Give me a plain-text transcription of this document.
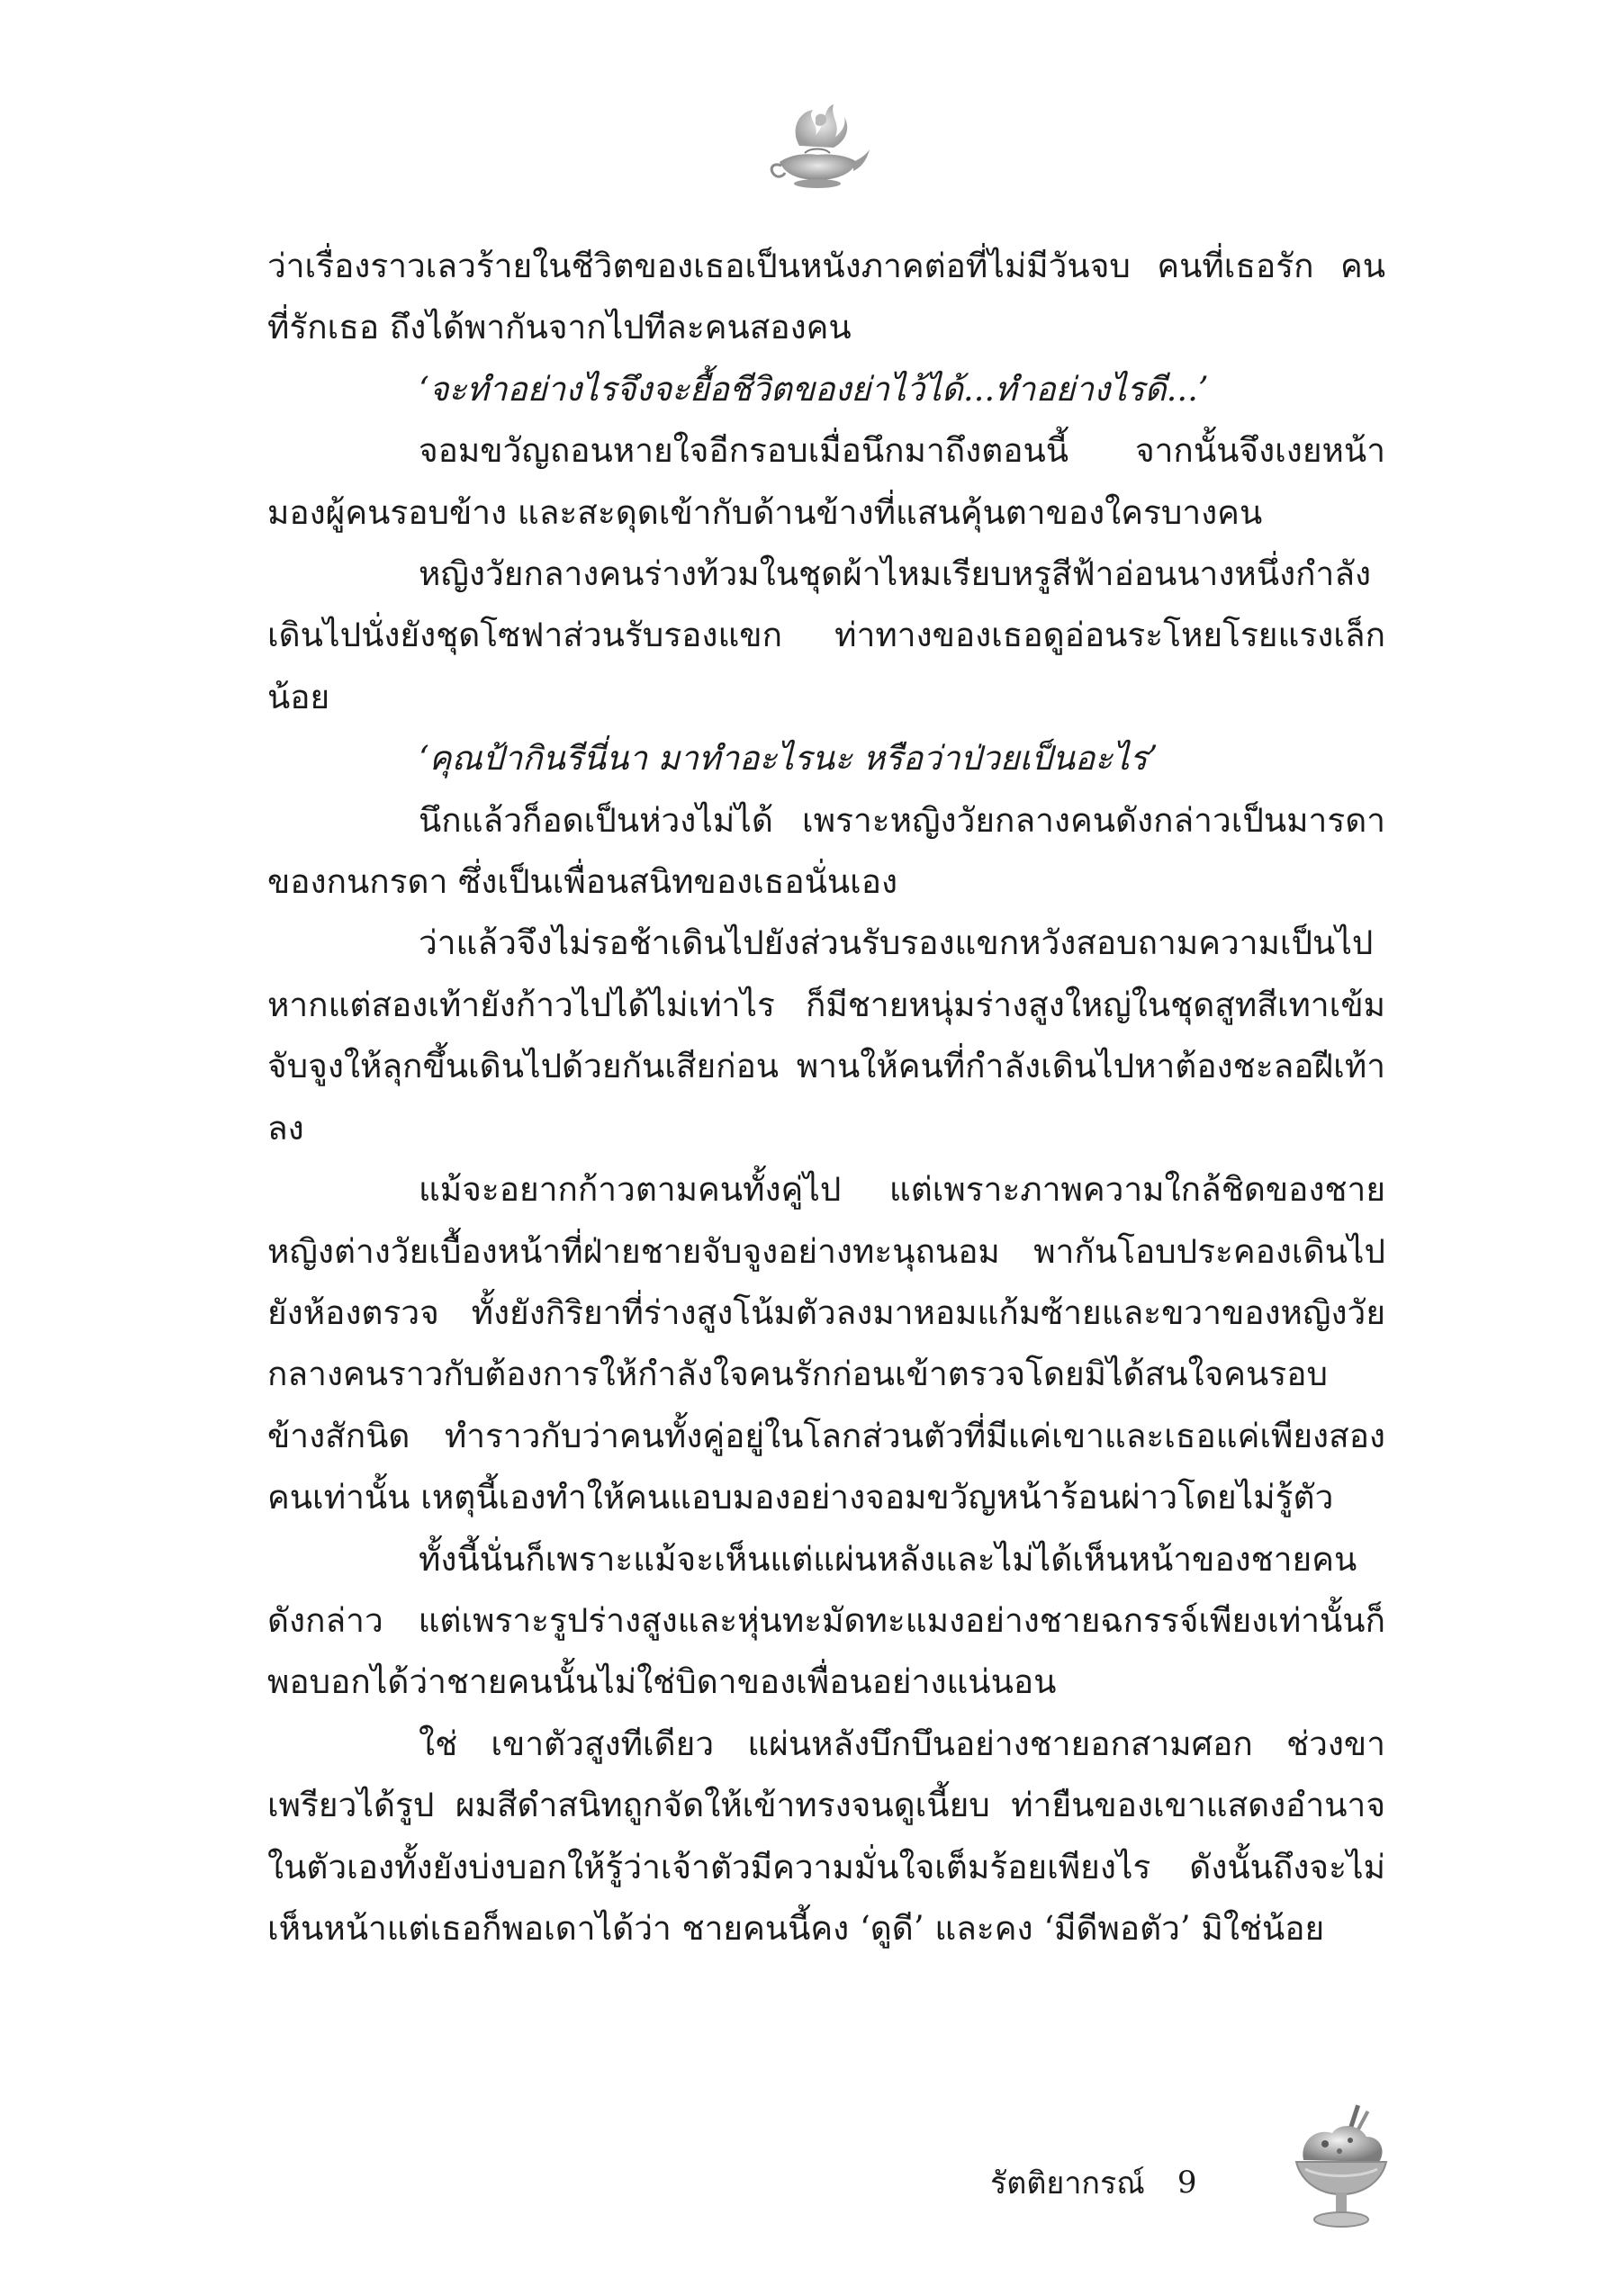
ว่าเรื่องราวเลวร้ายในชีวิตของเธอเป็นหนังภาคต่อที่ไม่มีวันจบ คนที่เธอรัก คนที่รักเธอ ถึงได้พากันจากไปทีละคนสองคน

‘จะทำอย่างไรจึงจะยื้อชีวิตของย่าไว้ได้...ทำอย่างไรดี...’

จอมขวัญถอนหายใจอีกรอบเมื่อนึกมาถึงตอนนี้ จากนั้นจึงเงยหน้ามองผู้คนรอบข้าง และสะดุดเข้ากับด้านข้างที่แสนคุ้นตาของใครบางคน

หญิงวัยกลางคนร่างท้วมในชุดผ้าไหมเรียบหรูสีฟ้าอ่อนนางหนึ่งกำลังเดินไปนั่งยังชุดโซฟาส่วนรับรองแขก ท่าทางของเธอดูอ่อนระโหยโรยแรงเล็กน้อย

‘คุณป้ากินรีนี่นา มาทำอะไรนะ หรือว่าป่วยเป็นอะไร’

นึกแล้วก็อดเป็นห่วงไม่ได้ เพราะหญิงวัยกลางคนดังกล่าวเป็นมารดาของกนกรดา ซึ่งเป็นเพื่อนสนิทของเธอนั่นเอง

ว่าแล้วจึงไม่รอช้าเดินไปยังส่วนรับรองแขกหวังสอบถามความเป็นไปหากแต่สองเท้ายังก้าวไปได้ไม่เท่าไร ก็มีชายหนุ่มร่างสูงใหญ่ในชุดสูทสีเทาเข้มจับจูงให้ลุกขึ้นเดินไปด้วยกันเสียก่อน พานให้คนที่กำลังเดินไปหาต้องชะลอฝีเท้าลง

แม้จะอยากก้าวตามคนทั้งคู่ไป แต่เพราะภาพความใกล้ชิดของชายหญิงต่างวัยเบื้องหน้าที่ฝ่ายชายจับจูงอย่างทะนุถนอม พากันโอบประคองเดินไปยังห้องตรวจ ทั้งยังกิริยาที่ร่างสูงโน้มตัวลงมาหอมแก้มซ้ายและขวาของหญิงวัยกลางคนราวกับต้องการให้กำลังใจคนรักก่อนเข้าตรวจโดยมิได้สนใจคนรอบข้างสักนิด ทำราวกับว่าคนทั้งคู่อยู่ในโลกส่วนตัวที่มีแค่เขาและเธอแค่เพียงสองคนเท่านั้น เหตุนี้เองทำให้คนแอบมองอย่างจอมขวัญหน้าร้อนผ่าวโดยไม่รู้ตัว

ทั้งนี้นั่นก็เพราะแม้จะเห็นแต่แผ่นหลังและไม่ได้เห็นหน้าของชายคนดังกล่าว แต่เพราะรูปร่างสูงและหุ่นทะมัดทะแมงอย่างชายฉกรรจ์เพียงเท่านั้นก็พอบอกได้ว่าชายคนนั้นไม่ใช่บิดาของเพื่อนอย่างแน่นอน

ใช่ เขาตัวสูงทีเดียว แผ่นหลังบึกบึนอย่างชายอกสามศอก ช่วงขาเพรียวได้รูป ผมสีดำสนิทถูกจัดให้เข้าทรงจนดูเนี้ยบ ท่ายืนของเขาแสดงอำนาจในตัวเองทั้งยังบ่งบอกให้รู้ว่าเจ้าตัวมีความมั่นใจเต็มร้อยเพียงไร ดังนั้นถึงจะไม่เห็นหน้าแต่เธอก็พอเดาได้ว่า ชายคนนี้คง ‘ดูดี’ และคง ‘มีดีพอตัว’ มิใช่น้อย

รัตติยากรณ์ 9
